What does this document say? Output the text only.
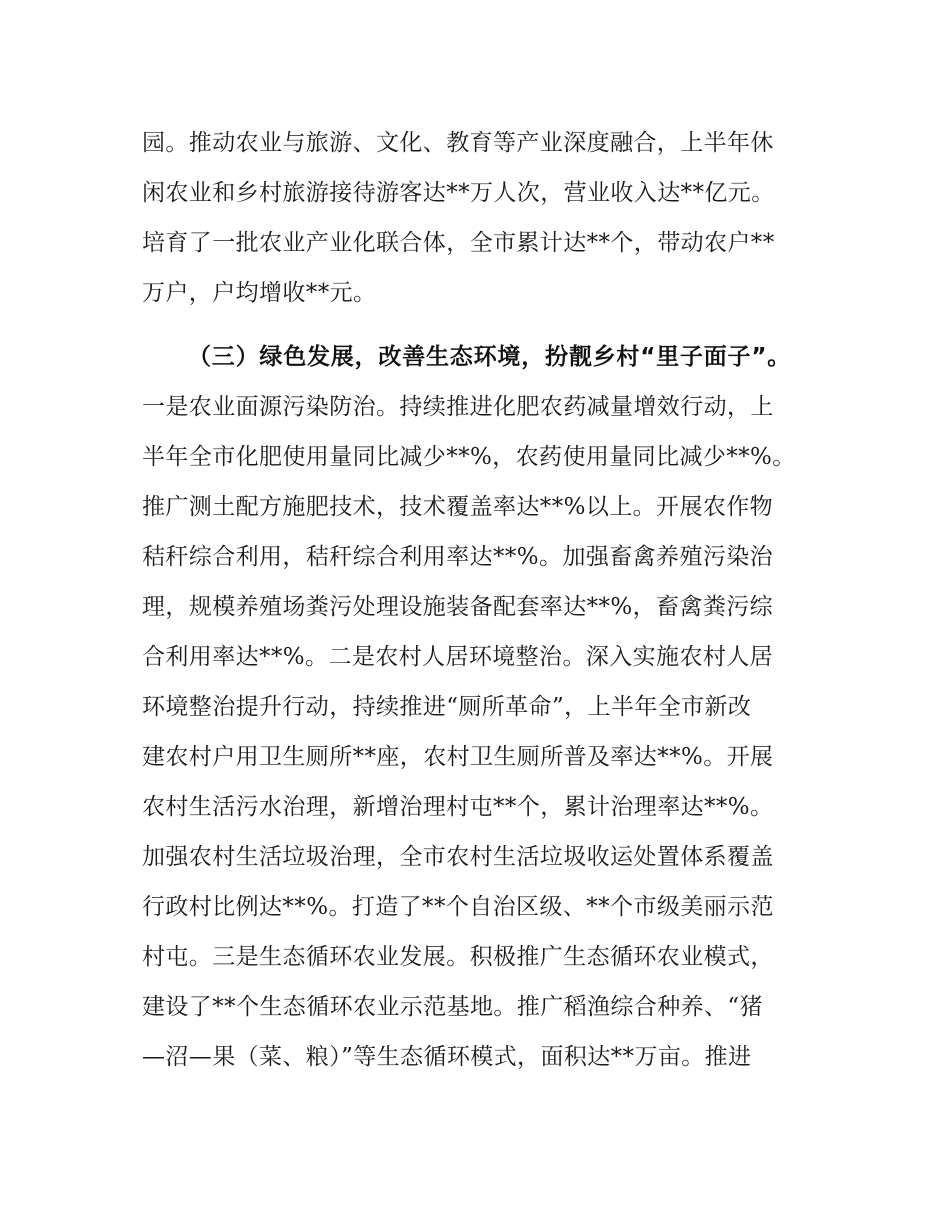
园。推动农业与旅游、文化、教育等产业深度融合，上半年休

闲农业和乡村旅游接待游客达**万人次，营业收入达**亿元。

培育了一批农业产业化联合体，全市累计达**个，带动农户**

万户，户均增收**元。

（三）绿色发展，改善生态环境，扮靓乡村“里子面子”。

一是农业面源污染防治。持续推进化肥农药减量增效行动，上

半年全市化肥使用量同比减少**%，农药使用量同比减少**%。

推广测土配方施肥技术，技术覆盖率达**%以上。开展农作物

秸秆综合利用，秸秆综合利用率达**%。加强畜禽养殖污染治

理，规模养殖场粪污处理设施装备配套率达**%，畜禽粪污综

合利用率达**%。二是农村人居环境整治。深入实施农村人居

环境整治提升行动，持续推进“厕所革命”，上半年全市新改

建农村户用卫生厕所**座，农村卫生厕所普及率达**%。开展

农村生活污水治理，新增治理村屯**个，累计治理率达**%。

加强农村生活垃圾治理，全市农村生活垃圾收运处置体系覆盖

行政村比例达**%。打造了**个自治区级、**个市级美丽示范

村屯。三是生态循环农业发展。积极推广生态循环农业模式，

建设了**个生态循环农业示范基地。推广稻渔综合种养、“猪

—沼—果（菜、粮）”等生态循环模式，面积达**万亩。推进
